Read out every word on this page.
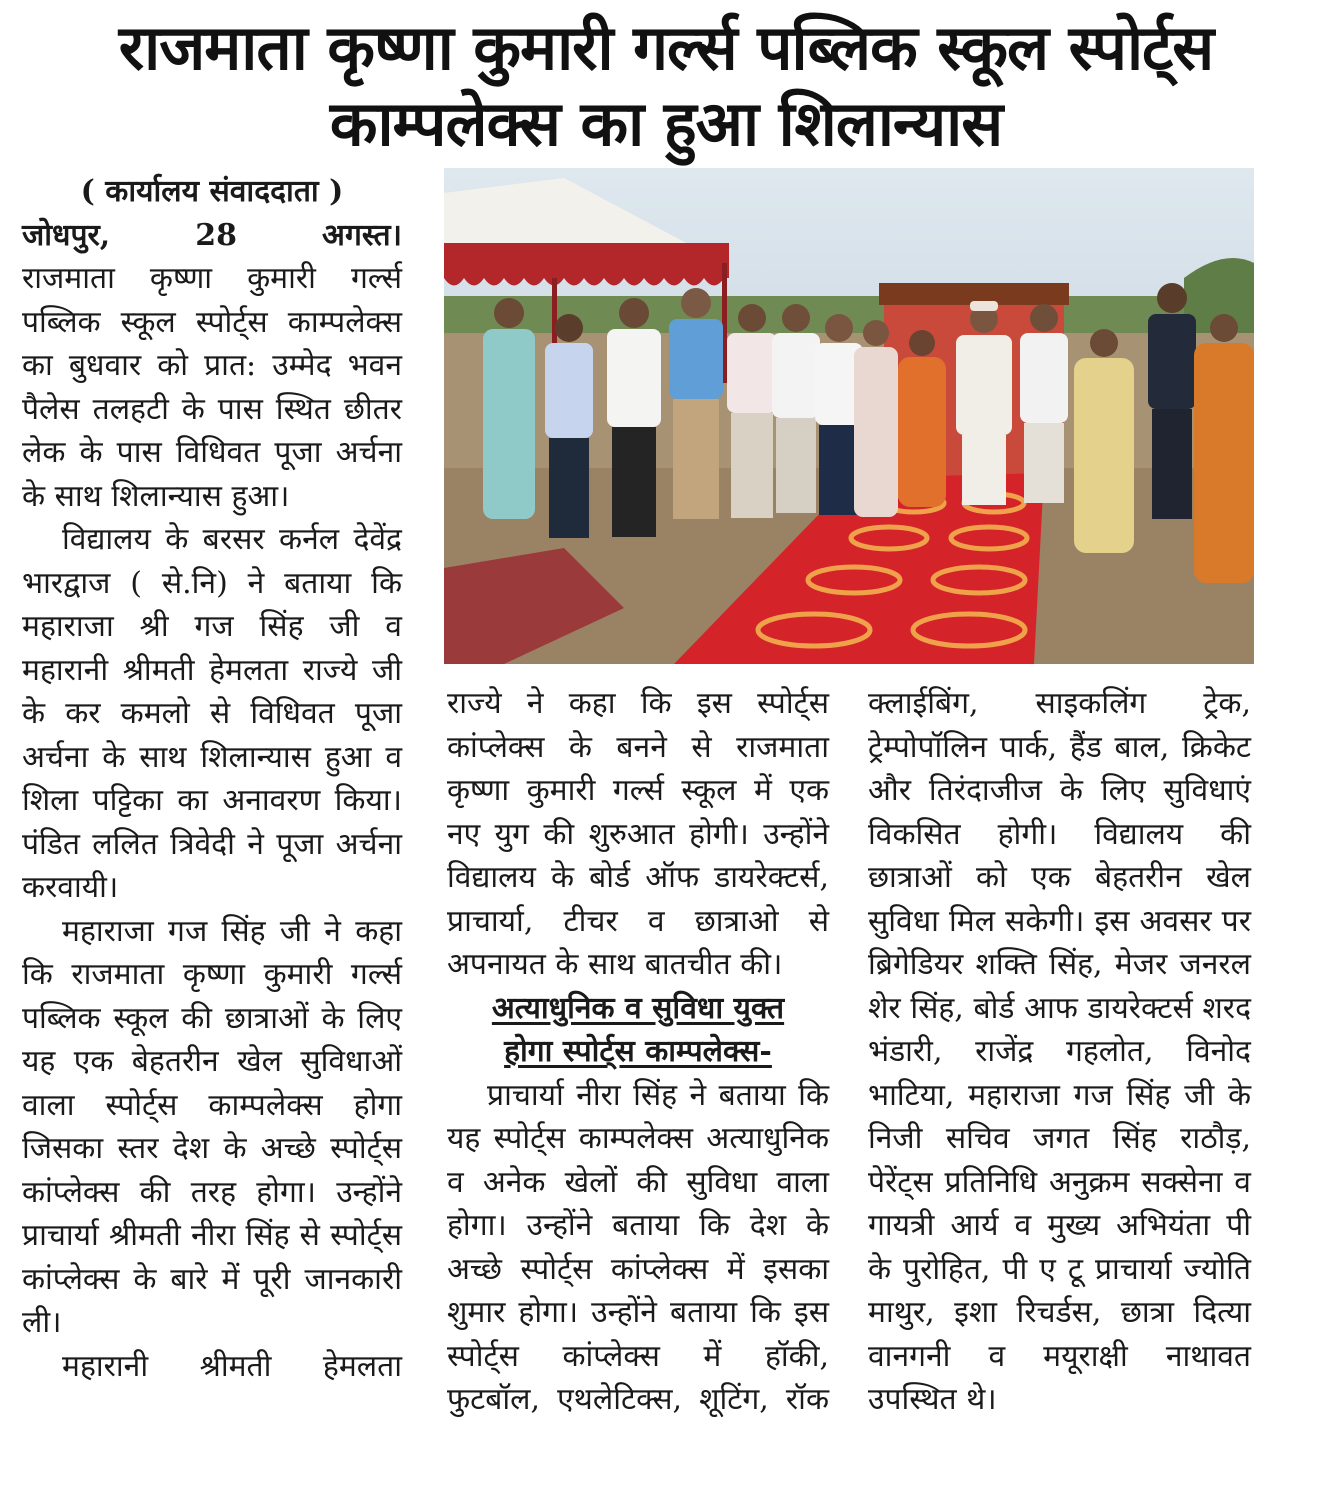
राजमाता कृष्णा कुमारी गर्ल्स पब्लिक स्कूल स्पोर्ट्स
काम्पलेक्स का हुआ शिलान्यास

( कार्यालय संवाददाता )

जोधपुर, 28 अगस्त।

राजमाता कृष्णा कुमारी गर्ल्स पब्लिक स्कूल स्पोर्ट्स काम्पलेक्स का बुधवार को प्रात: उम्मेद भवन पैलेस तलहटी के पास स्थित छीतर लेक के पास विधिवत पूजा अर्चना के साथ शिलान्यास हुआ।

विद्यालय के बरसर कर्नल देवेंद्र भारद्वाज ( से.नि) ने बताया कि महाराजा श्री गज सिंह जी व महारानी श्रीमती हेमलता राज्ये जी के कर कमलो से विधिवत पूजा अर्चना के साथ शिलान्यास हुआ व शिला पट्टिका का अनावरण किया। पंडित ललित त्रिवेदी ने पूजा अर्चना करवायी।

महाराजा गज सिंह जी ने कहा कि राजमाता कृष्णा कुमारी गर्ल्स पब्लिक स्कूल की छात्राओं के लिए यह एक बेहतरीन खेल सुविधाओं वाला स्पोर्ट्स काम्पलेक्स होगा जिसका स्तर देश के अच्छे स्पोर्ट्स कांप्लेक्स की तरह होगा। उन्होंने प्राचार्या श्रीमती नीरा सिंह से स्पोर्ट्स कांप्लेक्स के बारे में पूरी जानकारी ली।

महारानी श्रीमती हेमलता

राज्ये ने कहा कि इस स्पोर्ट्स कांप्लेक्स के बनने से राजमाता कृष्णा कुमारी गर्ल्स स्कूल में एक नए युग की शुरुआत होगी। उन्होंने विद्यालय के बोर्ड ऑफ डायरेक्टर्स, प्राचार्या, टीचर व छात्राओ से अपनायत के साथ बातचीत की।

अत्याधुनिक व सुविधा युक्त
होगा स्पोर्ट्स काम्पलेक्स-

प्राचार्या नीरा सिंह ने बताया कि यह स्पोर्ट्स काम्पलेक्स अत्याधुनिक व अनेक खेलों की सुविधा वाला होगा। उन्होंने बताया कि देश के अच्छे स्पोर्ट्स कांप्लेक्स में इसका शुमार होगा। उन्होंने बताया कि इस स्पोर्ट्स कांप्लेक्स में हॉकी, फुटबॉल, एथलेटिक्स, शूटिंग, रॉक

क्लाईबिंग, साइकलिंग ट्रेक, ट्रेम्पोपॉलिन पार्क, हैंड बाल, क्रिकेट और तिरंदाजीज के लिए सुविधाएं विकसित होगी। विद्यालय की छात्राओं को एक बेहतरीन खेल सुविधा मिल सकेगी। इस अवसर पर ब्रिगेडियर शक्ति सिंह, मेजर जनरल शेर सिंह, बोर्ड आफ डायरेक्टर्स शरद भंडारी, राजेंद्र गहलोत, विनोद भाटिया, महाराजा गज सिंह जी के निजी सचिव जगत सिंह राठौड़, पेरेंट्स प्रतिनिधि अनुक्रम सक्सेना व गायत्री आर्य व मुख्य अभियंता पी के पुरोहित, पी ए टू प्राचार्या ज्योति माथुर, इशा रिचर्डस, छात्रा दित्या वानगनी व मयूराक्षी नाथावत उपस्थित थे।
